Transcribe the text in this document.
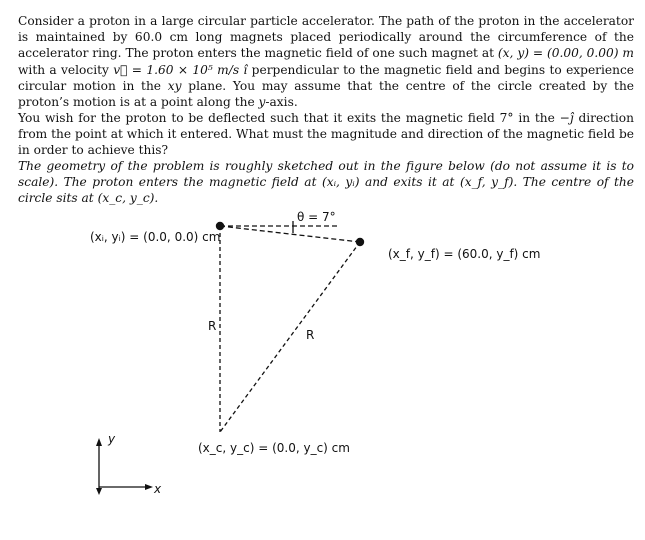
Consider a proton in a large circular particle accelerator. The path of the proton in the accelerator is maintained by 60.0 cm long magnets placed periodically around the circumference of the accelerator ring. The proton enters the magnetic field of one such magnet at (x, y) = (0.00, 0.00) m with a velocity v⃗ = 1.60 × 10⁵ m/s î perpendicular to the magnetic field and begins to experience circular motion in the xy plane. You may assume that the centre of the circle created by the proton’s motion is at a point along the y-axis.

You wish for the proton to be deflected such that it exits the magnetic field 7° in the −ĵ direction from the point at which it entered. What must the magnitude and direction of the magnetic field be in order to achieve this?

The geometry of the problem is roughly sketched out in the figure below (do not assume it is to scale). The proton enters the magnetic field at (xᵢ, yᵢ) and exits it at (x_f, y_f). The centre of the circle sits at (x_c, y_c).

θ = 7°
(xᵢ, yᵢ) = (0.0, 0.0) cm
(x_f, y_f) = (60.0, y_f) cm
R
R
(x_c, y_c) = (0.0, y_c) cm
y
x
